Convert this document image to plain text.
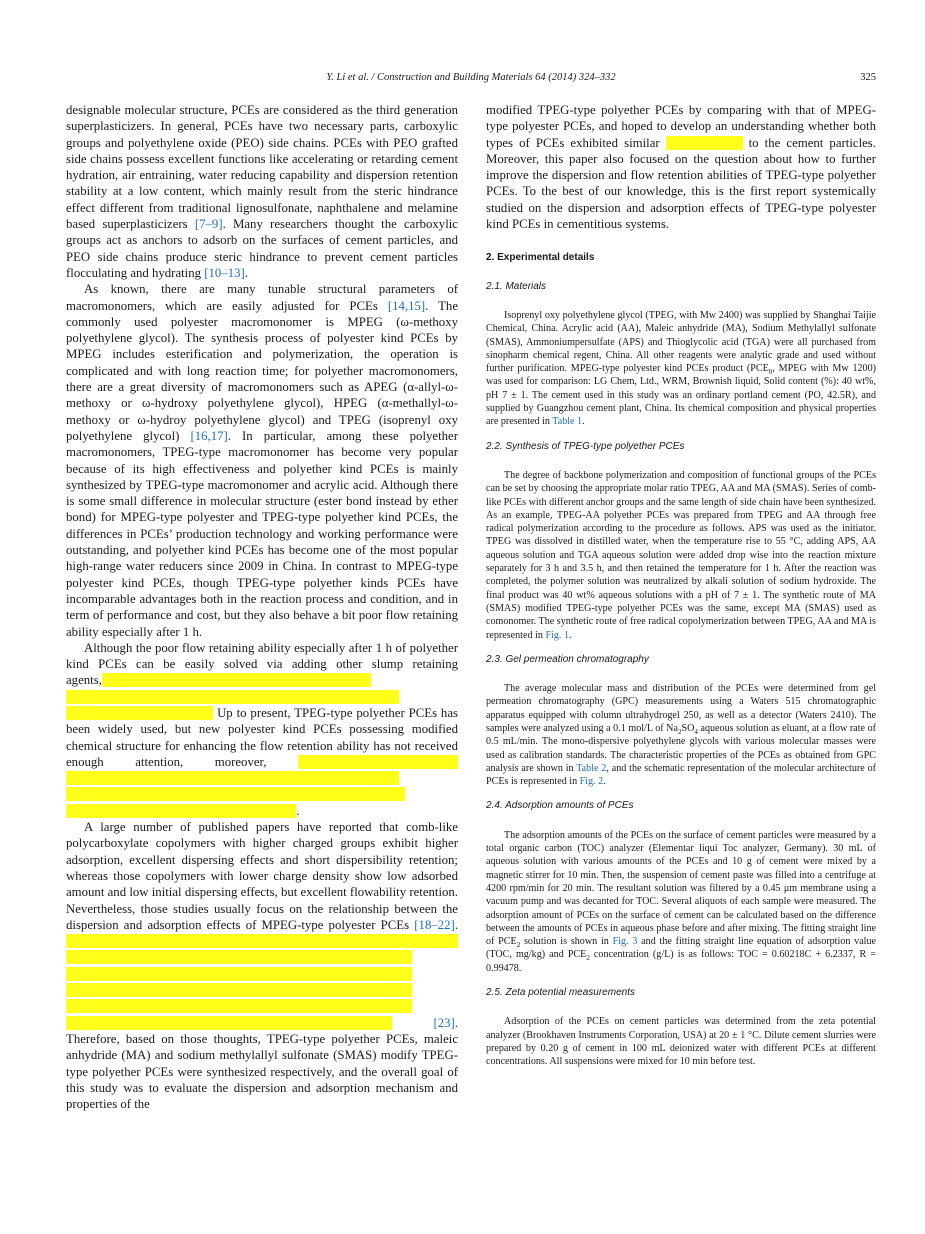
Y. Li et al. / Construction and Building Materials 64 (2014) 324–332	325

designable molecular structure, PCEs are considered as the third generation superplasticizers. In general, PCEs have two necessary parts, carboxylic groups and polyethylene oxide (PEO) side chains. PCEs with PEO grafted side chains possess excellent functions like accelerating or retarding cement hydration, air entraining, water reducing capability and dispersion retention stability at a low content, which mainly result from the steric hindrance effect different from traditional lignosulfonate, naphthalene and melamine based superplasticizers [7–9]. Many researchers thought the carboxylic groups act as anchors to adsorb on the surfaces of cement particles, and PEO side chains produce steric hindrance to prevent cement particles flocculating and hydrating [10–13].

As known, there are many tunable structural parameters of macromonomers, which are easily adjusted for PCEs [14,15]. The commonly used polyester macromonomer is MPEG (ω-methoxy polyethylene glycol). The synthesis process of polyester kind PCEs by MPEG includes esterification and polymerization, the operation is complicated and with long reaction time; for polyether macromonomers, there are a great diversity of macromonomers such as APEG (α-allyl-ω-methoxy or ω-hydroxy polyethylene glycol), HPEG (α-methallyl-ω-methoxy or ω-hydroy polyethylene glycol) and TPEG (isoprenyl oxy polyethylene glycol) [16,17]. In particular, among these polyether macromonomers, TPEG-type macromonomer has become very popular because of its high effectiveness and polyether kind PCEs is mainly synthesized by TPEG-type macromonomer and acrylic acid. Although there is some small difference in molecular structure (ester bond instead by ether bond) for MPEG-type polyester and TPEG-type polyether kind PCEs, the differences in PCEs’ production technology and working performance were outstanding, and polyether kind PCEs has become one of the most popular high-range water reducers since 2009 in China. In contrast to MPEG-type polyester kind PCEs, though TPEG-type polyether kinds PCEs have incomparable advantages both in the reaction process and condition, and in term of performance and cost, but they also behave a bit poor flow retaining ability especially after 1 h.

Although the poor flow retaining ability especially after 1 h of polyether kind PCEs can be easily solved via adding other slump retaining agents, Up to present, TPEG-type polyether PCEs has been widely used, but new polyester kind PCEs possessing modified chemical structure for enhancing the flow retention ability has not received enough attention, moreover, .

A large number of published papers have reported that comb-like polycarboxylate copolymers with higher charged groups exhibit higher adsorption, excellent dispersing effects and short dispersibility retention; whereas those copolymers with lower charge density show low adsorbed amount and low initial dispersing effects, but excellent flowability retention. Nevertheless, those studies usually focus on the relationship between the dispersion and adsorption effects of MPEG-type polyester PCEs [18–22]. [23]. Therefore, based on those thoughts, TPEG-type polyether PCEs, maleic anhydride (MA) and sodium methylallyl sulfonate (SMAS) modify TPEG-type polyether PCEs were synthesized respectively, and the overall goal of this study was to evaluate the dispersion and adsorption mechanism and properties of the

modified TPEG-type polyether PCEs by comparing with that of MPEG-type polyester PCEs, and hoped to develop an understanding whether both types of PCEs exhibited similar	to the cement particles. Moreover, this paper also focused on the question about how to further improve the dispersion and flow retention abilities of TPEG-type polyether PCEs. To the best of our knowledge, this is the first report systemically studied on the dispersion and adsorption effects of TPEG-type polyester kind PCEs in cementitious systems.

2. Experimental details
2.1. Materials

Isoprenyl oxy polyethylene glycol (TPEG, with Mw 2400) was supplied by Shanghai Taijie Chemical, China. Acrylic acid (AA), Maleic anhydride (MA), Sodium Methylallyl sulfonate (SMAS), Ammoniumpersulfate (APS) and Thioglycolic acid (TGA) were all purchased from sinopharm chemical regent, China. All other reagents were analytic grade and used without further purification. MPEG-type polyester kind PCEs product ($PCE_0$, MPEG with Mw 1200) was used for comparison: LG Chem, Ltd., WRM, Brownish liquid, Solid content (%): 40 wt%, pH 7 ± 1. The cement used in this study was an ordinary portland cement (PO, 42.5R), and supplied by Guangzhou cement plant, China. Its chemical composition and physical properties are presented in Table 1.

2.2. Synthesis of TPEG-type polyether PCEs

The degree of backbone polymerization and composition of functional groups of the PCEs can be set by choosing the appropriate molar ratio TPEG, AA and MA (SMAS). Series of comb-like PCEs with different anchor groups and the same length of side chain have been synthesized. As an example, TPEG-AA polyether PCEs was prepared from TPEG and AA through free radical polymerization according to the procedure as follows. APS was used as the initiator. TPEG was dissolved in distilled water, when the temperature rise to 55 °C, adding APS, AA aqueous solution and TGA aqueous solution were added drop wise into the reaction mixture separately for 3 h and 3.5 h, and then retained the temperature for 1 h. After the reaction was completed, the polymer solution was neutralized by alkali solution of sodium hydroxide. The final product was 40 wt% aqueous solutions with a pH of 7 ± 1. The synthetic route of MA (SMAS) modified TPEG-type polyether PCEs was the same, except MA (SMAS) used as comonomer. The synthetic route of free radical copolymerization between TPEG, AA and MA is represented in Fig. 1.

2.3. Gel permeation chromatography

The average molecular mass and distribution of the PCEs were determined from gel permeation chromatography (GPC) measurements using a Waters 515 chromatographic apparatus equipped with column ultrahydrogel 250, as well as a detector (Waters 2410). The samples were analyzed using a 0.1 mol/L of $Na_2SO_4$ aqueous solution as eluant, at a flow rate of 0.5 mL/min. The mono-dispersive polyethylene glycols with various molecular masses were used as calibration standards. The characteristic properties of the PCEs as obtained from GPC analysis are shown in Table 2, and the schematic representation of the molecular architecture of PCEs is represented in Fig. 2.

2.4. Adsorption amounts of PCEs

The adsorption amounts of the PCEs on the surface of cement particles were measured by a total organic carbon (TOC) analyzer (Elementar liqui Toc analyzer, Germany). 30 mL of aqueous solution with various amounts of the PCEs and 10 g of cement were mixed by a magnetic stirrer for 10 min. Then, the suspension of cement paste was filled into a centrifuge at 4200 rpm/min for 20 min. The resultant solution was filtered by a 0.45 μm membrane using a vacuum pump and was decanted for TOC. Several aliquots of each sample were measured. The adsorption amount of PCEs on the surface of cement can be calculated based on the difference between the amounts of PCEs in aqueous phase before and after mixing. The fitting straight line of $PCE_2$ solution is shown in Fig. 3 and the fitting straight line equation of adsorption value (TOC, mg/kg) and $PCE_2$ concentration (g/L) is as follows: TOC = 0.60218C + 6.2337, R = 0.99478.

2.5. Zeta potential measurements

Adsorption of the PCEs on cement particles was determined from the zeta potential analyzer (Brookhaven Instruments Corporation, USA) at 20 ± 1 °C. Dilute cement slurries were prepared by 0.20 g of cement in 100 mL deionized water with different PCEs at different concentrations. All suspensions were mixed for 10 min before test.
